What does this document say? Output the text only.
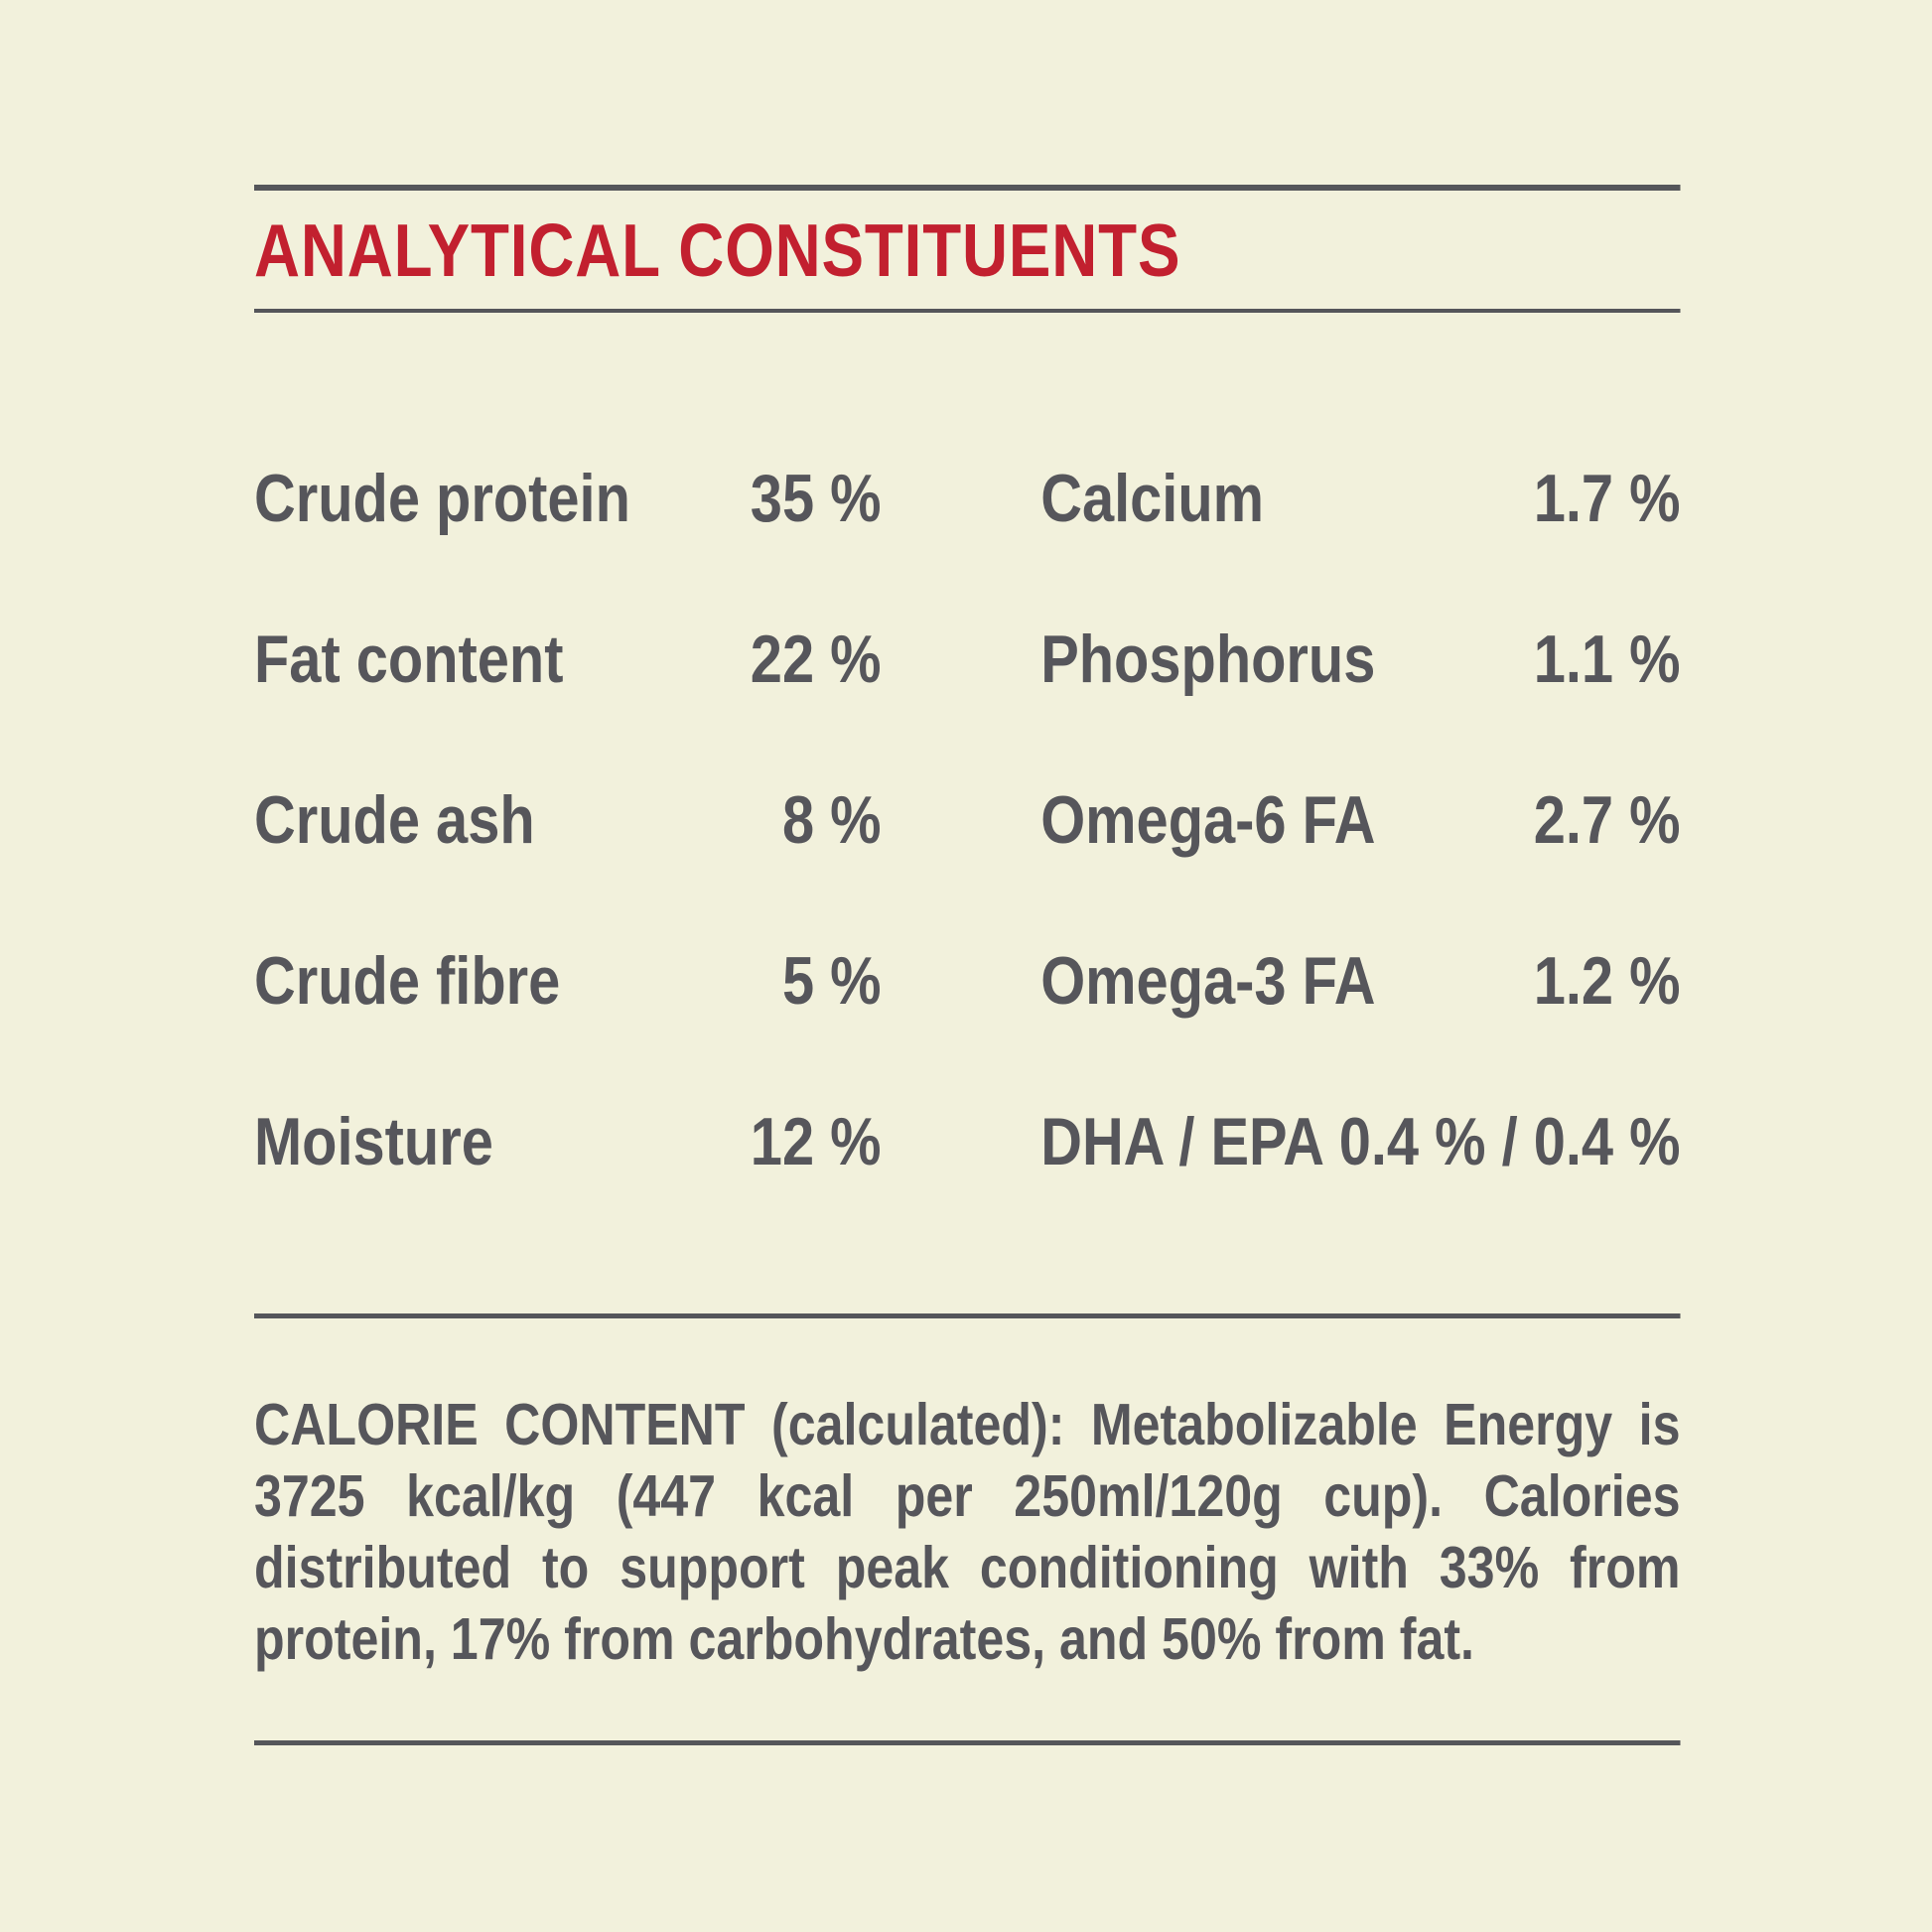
ANALYTICAL CONSTITUENTS
Crude protein 35 % Calcium	1.7 %
Fat content	22 % Phosphorus 1.1 %
Crude ash	8 % Omega-6 FA 2.7 %
Crude fibre	5 % Omega-3 FA 1.2 %
Moisture	12 % DHA / EPA 0.4 % / 0.4 %
CALORIE CONTENT (calculated): Metabolizable Energy is
3725 kcal/kg (447 kcal per 250ml/120g cup). Calories
distributed to support peak conditioning with 33% from
protein, 17% from carbohydrates, and 50% from fat.
